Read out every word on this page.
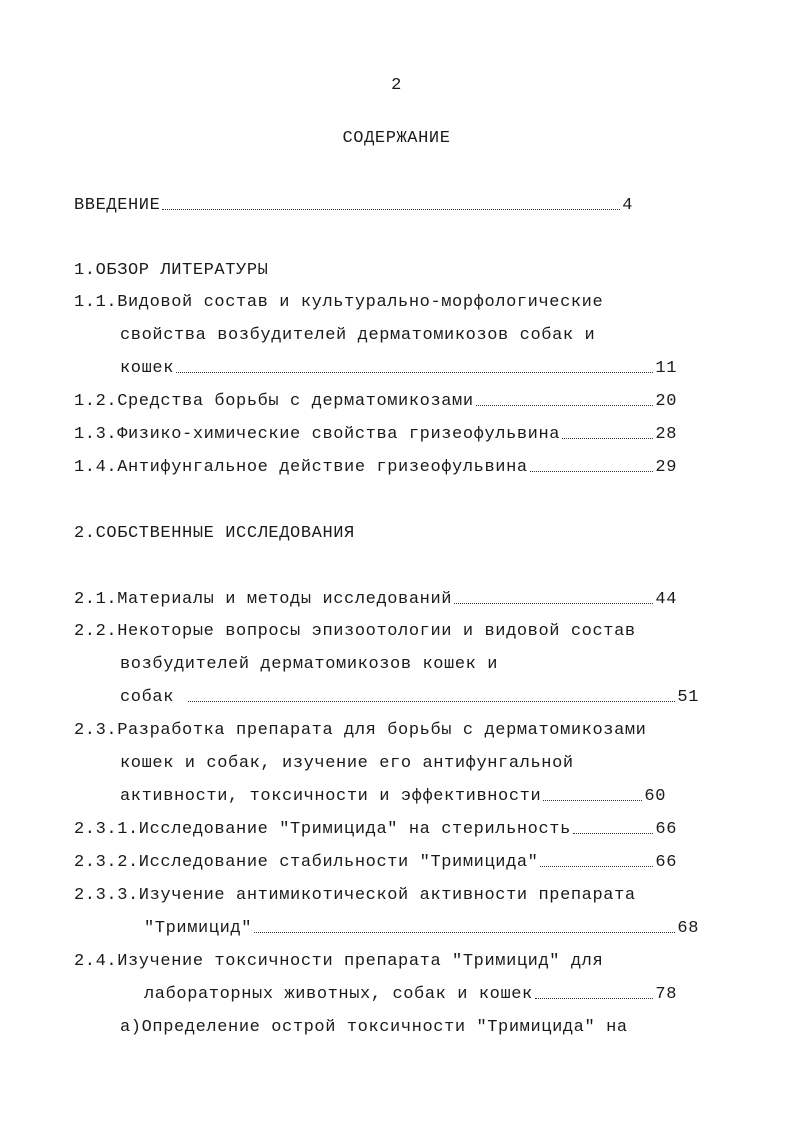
2
СОДЕРЖАНИЕ
ВВЕДЕНИЕ	4
1.ОБЗОР ЛИТЕРАТУРЫ
1.1.Видовой состав и культурально-морфологические
свойства возбудителей дерматомикозов собак и
кошек	11
1.2.Средства борьбы с дерматомикозами	20
1.3.Физико-химические свойства гризеофульвина	28
1.4.Антифунгальное действие гризеофульвина	29
2.СОБСТВЕННЫЕ ИССЛЕДОВАНИЯ
2.1.Материалы и методы исследований	44
2.2.Некоторые вопросы эпизоотологии и видовой состав
возбудителей дерматомикозов кошек и
собак	51
2.3.Разработка препарата для борьбы с дерматомикозами
кошек и собак, изучение его антифунгальной
активности, токсичности и эффективности	60
2.3.1.Исследование "Тримицида" на стерильность	66
2.3.2.Исследование стабильности "Тримицида"	66
2.3.3.Изучение антимикотической активности препарата
"Тримицид"	68
2.4.Изучение токсичности препарата "Тримицид" для
лабораторных животных, собак и кошек	78
а)Определение острой токсичности "Тримицида" на
